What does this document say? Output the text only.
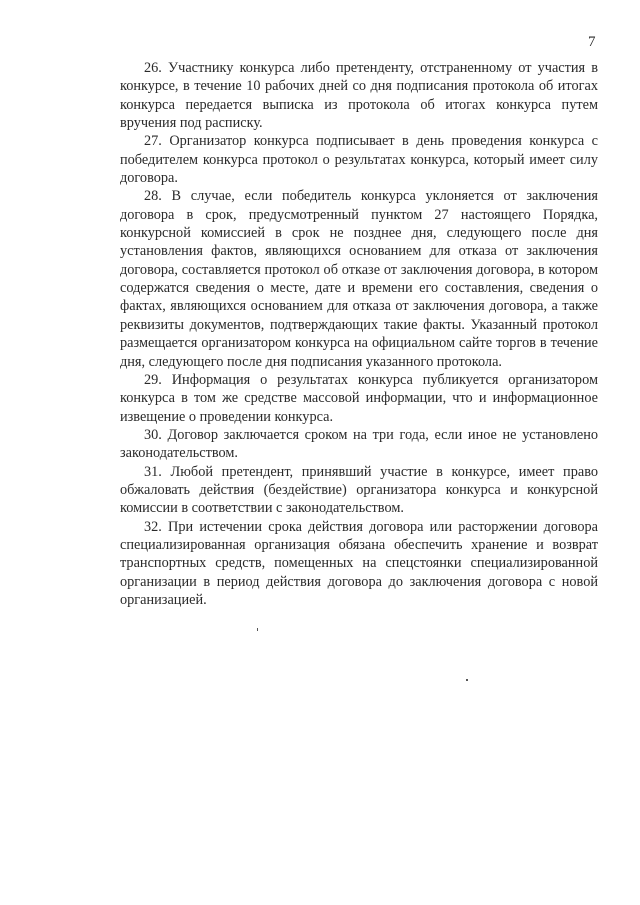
7

26. Участнику конкурса либо претенденту, отстраненному от участия в конкурсе, в течение 10 рабочих дней со дня подписания протокола об итогах конкурса передается выписка из протокола об итогах конкурса путем вручения под расписку.

27. Организатор конкурса подписывает в день проведения конкурса с победителем конкурса протокол о результатах конкурса, который имеет силу договора.

28. В случае, если победитель конкурса уклоняется от заключения договора в срок, предусмотренный пунктом 27 настоящего Порядка, конкурсной комиссией в срок не позднее дня, следующего после дня установления фактов, являющихся основанием для отказа от заключения договора, составляется протокол об отказе от заключения договора, в котором содержатся сведения о месте, дате и времени его составления, сведения о фактах, являющихся основанием для отказа от заключения договора, а также реквизиты документов, подтверждающих такие факты. Указанный протокол размещается организатором конкурса на официальном сайте торгов в течение дня, следующего после дня подписания указанного протокола.

29. Информация о результатах конкурса публикуется организатором конкурса в том же средстве массовой информации, что и информационное извещение о проведении конкурса.

30. Договор заключается сроком на три года, если иное не установлено законодательством.

31. Любой претендент, принявший участие в конкурсе, имеет право обжаловать действия (бездействие) организатора конкурса и конкурсной комиссии в соответствии с законодательством.

32. При истечении срока действия договора или расторжении договора специализированная организация обязана обеспечить хранение и возврат транспортных средств, помещенных на спецстоянки специализированной организации в период действия договора до заключения договора с новой организацией.
